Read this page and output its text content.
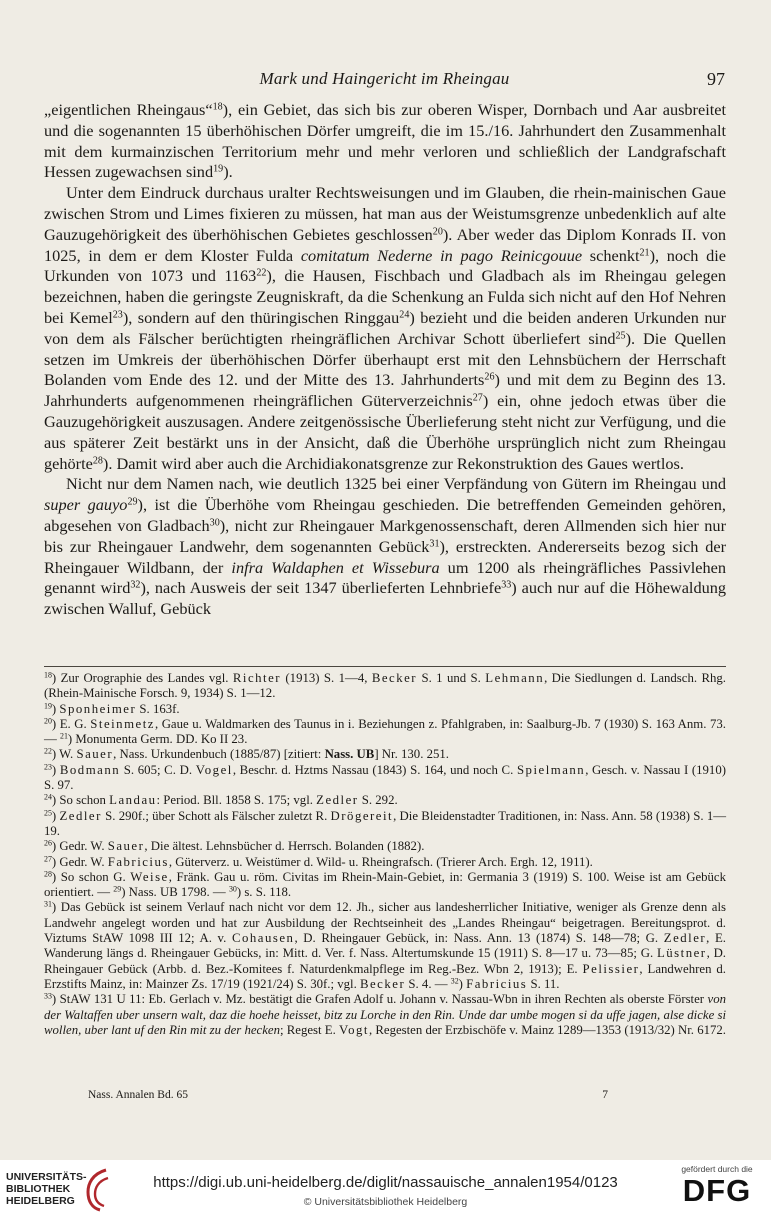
Mark und Haingericht im Rheingau	97

„eigentlichen Rheingaus“$^{18}$), ein Gebiet, das sich bis zur oberen Wisper, Dornbach und Aar ausbreitet und die sogenannten 15 überhöhischen Dörfer umgreift, die im 15./16. Jahrhundert den Zusammenhalt mit dem kurmainzischen Territorium mehr und mehr verloren und schließlich der Landgrafschaft Hessen zugewachsen sind$^{19}$).

Unter dem Eindruck durchaus uralter Rechtsweisungen und im Glauben, die rhein-mainischen Gaue zwischen Strom und Limes fixieren zu müssen, hat man aus der Weistumsgrenze unbedenklich auf alte Gauzugehörigkeit des überhöhischen Gebietes geschlossen$^{20}$). Aber weder das Diplom Konrads II. von 1025, in dem er dem Kloster Fulda comitatum Nederne in pago Reinicgouue schenkt$^{21}$), noch die Urkunden von 1073 und 1163$^{22}$), die Hausen, Fischbach und Gladbach als im Rheingau gelegen bezeichnen, haben die geringste Zeugniskraft, da die Schenkung an Fulda sich nicht auf den Hof Nehren bei Kemel$^{23}$), sondern auf den thüringischen Ringgau$^{24}$) bezieht und die beiden anderen Urkunden nur von dem als Fälscher berüchtigten rheingräflichen Archivar Schott überliefert sind$^{25}$). Die Quellen setzen im Umkreis der überhöhischen Dörfer überhaupt erst mit den Lehnsbüchern der Herrschaft Bolanden vom Ende des 12. und der Mitte des 13. Jahrhunderts$^{26}$) und mit dem zu Beginn des 13. Jahrhunderts aufgenommenen rheingräflichen Güterverzeichnis$^{27}$) ein, ohne jedoch etwas über die Gauzugehörigkeit auszusagen. Andere zeitgenössische Überlieferung steht nicht zur Verfügung, und die aus späterer Zeit bestärkt uns in der Ansicht, daß die Überhöhe ursprünglich nicht zum Rheingau gehörte$^{28}$). Damit wird aber auch die Archidiakonatsgrenze zur Rekonstruktion des Gaues wertlos.

Nicht nur dem Namen nach, wie deutlich 1325 bei einer Verpfändung von Gütern im Rheingau und super gauyo$^{29}$), ist die Überhöhe vom Rheingau geschieden. Die betreffenden Gemeinden gehören, abgesehen von Gladbach$^{30}$), nicht zur Rheingauer Markgenossenschaft, deren Allmenden sich hier nur bis zur Rheingauer Landwehr, dem sogenannten Gebück$^{31}$), erstreckten. Andererseits bezog sich der Rheingauer Wildbann, der infra Waldaphen et Wissebura um 1200 als rheingräfliches Passivlehen genannt wird$^{32}$), nach Ausweis der seit 1347 überlieferten Lehnbriefe$^{33}$) auch nur auf die Höhewaldung zwischen Walluf, Gebück

$^{18}$) Zur Orographie des Landes vgl. Richter (1913) S. 1—4, Becker S. 1 und S. Lehmann, Die Siedlungen d. Landsch. Rhg. (Rhein-Mainische Forsch. 9, 1934) S. 1—12.

$^{19}$) Sponheimer S. 163f.

$^{20}$) E. G. Steinmetz, Gaue u. Waldmarken des Taunus in i. Beziehungen z. Pfahlgraben, in: Saalburg-Jb. 7 (1930) S. 163 Anm. 73. — $^{21}$) Monumenta Germ. DD. Ko II 23.

$^{22}$) W. Sauer, Nass. Urkundenbuch (1885/87) [zitiert: Nass. UB] Nr. 130. 251.

$^{23}$) Bodmann S. 605; C. D. Vogel, Beschr. d. Hztms Nassau (1843) S. 164, und noch C. Spielmann, Gesch. v. Nassau I (1910) S. 97.

$^{24}$) So schon Landau: Period. Bll. 1858 S. 175; vgl. Zedler S. 292.

$^{25}$) Zedler S. 290f.; über Schott als Fälscher zuletzt R. Drögereit, Die Bleidenstadter Traditionen, in: Nass. Ann. 58 (1938) S. 1—19.

$^{26}$) Gedr. W. Sauer, Die ältest. Lehnsbücher d. Herrsch. Bolanden (1882).

$^{27}$) Gedr. W. Fabricius, Güterverz. u. Weistümer d. Wild- u. Rheingrafsch. (Trierer Arch. Ergh. 12, 1911).

$^{28}$) So schon G. Weise, Fränk. Gau u. röm. Civitas im Rhein-Main-Gebiet, in: Germania 3 (1919) S. 100. Weise ist am Gebück orientiert. — $^{29}$) Nass. UB 1798. — $^{30}$) s. S. 118.

$^{31}$) Das Gebück ist seinem Verlauf nach nicht vor dem 12. Jh., sicher aus landesherrlicher Initiative, weniger als Grenze denn als Landwehr angelegt worden und hat zur Ausbildung der Rechtseinheit des „Landes Rheingau“ beigetragen. Bereitungsprot. d. Viztums StAW 1098 III 12; A. v. Cohausen, D. Rheingauer Gebück, in: Nass. Ann. 13 (1874) S. 148—78; G. Zedler, E. Wanderung längs d. Rheingauer Gebücks, in: Mitt. d. Ver. f. Nass. Altertumskunde 15 (1911) S. 8—17 u. 73—85; G. Lüstner, D. Rheingauer Gebück (Arbb. d. Bez.-Komitees f. Naturdenkmalpflege im Reg.-Bez. Wbn 2, 1913); E. Pelissier, Landwehren d. Erzstifts Mainz, in: Mainzer Zs. 17/19 (1921/24) S. 30f.; vgl. Becker S. 4. — $^{32}$) Fabricius S. 11.

$^{33}$) StAW 131 U 11: Eb. Gerlach v. Mz. bestätigt die Grafen Adolf u. Johann v. Nassau-Wbn in ihren Rechten als oberste Förster von der Waltaffen uber unsern walt, daz die hoehe heisset, bitz zu Lorche in den Rin. Unde dar umbe mogen si da uffe jagen, alse dicke si wollen, uber lant uf den Rin mit zu der hecken; Regest E. Vogt, Regesten der Erzbischöfe v. Mainz 1289—1353 (1913/32) Nr. 6172.

Nass. Annalen Bd. 65	7
UNIVERSITÄTS-
BIBLIOTHEK
HEIDELBERG
https://digi.ub.uni-heidelberg.de/diglit/nassauische_annalen1954/0123
© Universitätsbibliothek Heidelberg
gefördert durch die
DFG
